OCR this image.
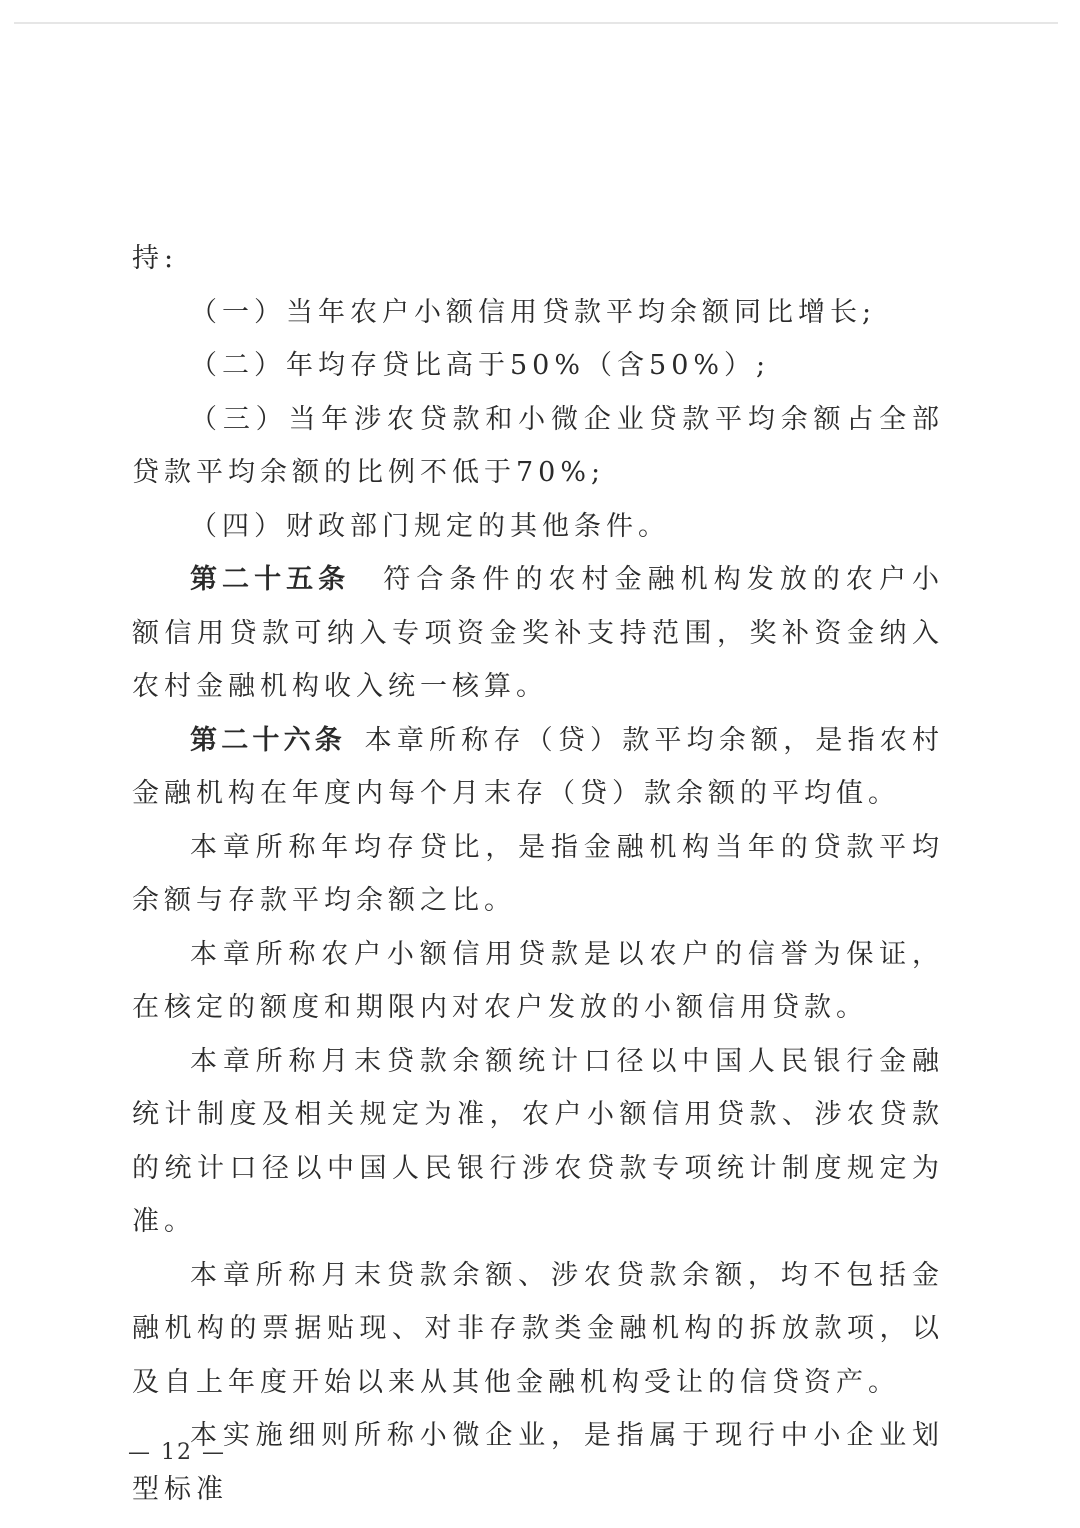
持:

（一）当年农户小额信用贷款平均余额同比增长;

（二）年均存贷比高于50%（含50%）;

（三）当年涉农贷款和小微企业贷款平均余额占全部贷款平均余额的比例不低于70%;

（四）财政部门规定的其他条件。

第二十五条  符合条件的农村金融机构发放的农户小额信用贷款可纳入专项资金奖补支持范围，奖补资金纳入农村金融机构收入统一核算。

第二十六条  本章所称存（贷）款平均余额，是指农村金融机构在年度内每个月末存（贷）款余额的平均值。

本章所称年均存贷比，是指金融机构当年的贷款平均余额与存款平均余额之比。

本章所称农户小额信用贷款是以农户的信誉为保证，在核定的额度和期限内对农户发放的小额信用贷款。

本章所称月末贷款余额统计口径以中国人民银行金融统计制度及相关规定为准，农户小额信用贷款、涉农贷款的统计口径以中国人民银行涉农贷款专项统计制度规定为准。

本章所称月末贷款余额、涉农贷款余额，均不包括金融机构的票据贴现、对非存款类金融机构的拆放款项，以及自上年度开始以来从其他金融机构受让的信贷资产。

本实施细则所称小微企业，是指属于现行中小企业划型标准

— 12 —
